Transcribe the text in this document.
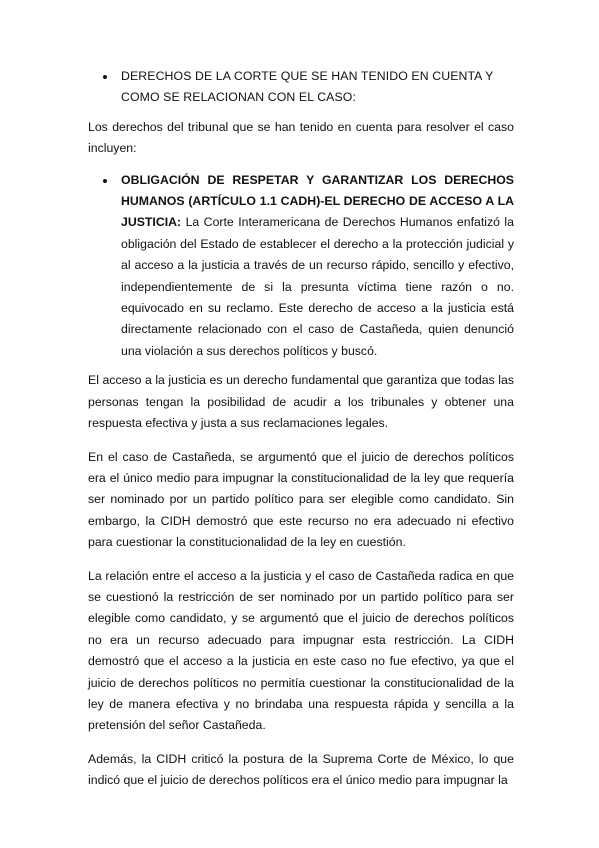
DERECHOS DE LA CORTE QUE SE HAN TENIDO EN CUENTA Y COMO SE RELACIONAN CON EL CASO:

Los derechos del tribunal que se han tenido en cuenta para resolver el caso incluyen:

OBLIGACIÓN DE RESPETAR Y GARANTIZAR LOS DERECHOS HUMANOS (ARTÍCULO 1.1 CADH)-EL DERECHO DE ACCESO A LA JUSTICIA: La Corte Interamericana de Derechos Humanos enfatizó la obligación del Estado de establecer el derecho a la protección judicial y al acceso a la justicia a través de un recurso rápido, sencillo y efectivo, independientemente de si la presunta víctima tiene razón o no. equivocado en su reclamo. Este derecho de acceso a la justicia está directamente relacionado con el caso de Castañeda, quien denunció una violación a sus derechos políticos y buscó.

El acceso a la justicia es un derecho fundamental que garantiza que todas las personas tengan la posibilidad de acudir a los tribunales y obtener una respuesta efectiva y justa a sus reclamaciones legales.

En el caso de Castañeda, se argumentó que el juicio de derechos políticos era el único medio para impugnar la constitucionalidad de la ley que requería ser nominado por un partido político para ser elegible como candidato. Sin embargo, la CIDH demostró que este recurso no era adecuado ni efectivo para cuestionar la constitucionalidad de la ley en cuestión.

La relación entre el acceso a la justicia y el caso de Castañeda radica en que se cuestionó la restricción de ser nominado por un partido político para ser elegible como candidato, y se argumentó que el juicio de derechos políticos no era un recurso adecuado para impugnar esta restricción. La CIDH demostró que el acceso a la justicia en este caso no fue efectivo, ya que el juicio de derechos políticos no permitía cuestionar la constitucionalidad de la ley de manera efectiva y no brindaba una respuesta rápida y sencilla a la pretensión del señor Castañeda.

Además, la CIDH criticó la postura de la Suprema Corte de México, lo que indicó que el juicio de derechos políticos era el único medio para impugnar la
